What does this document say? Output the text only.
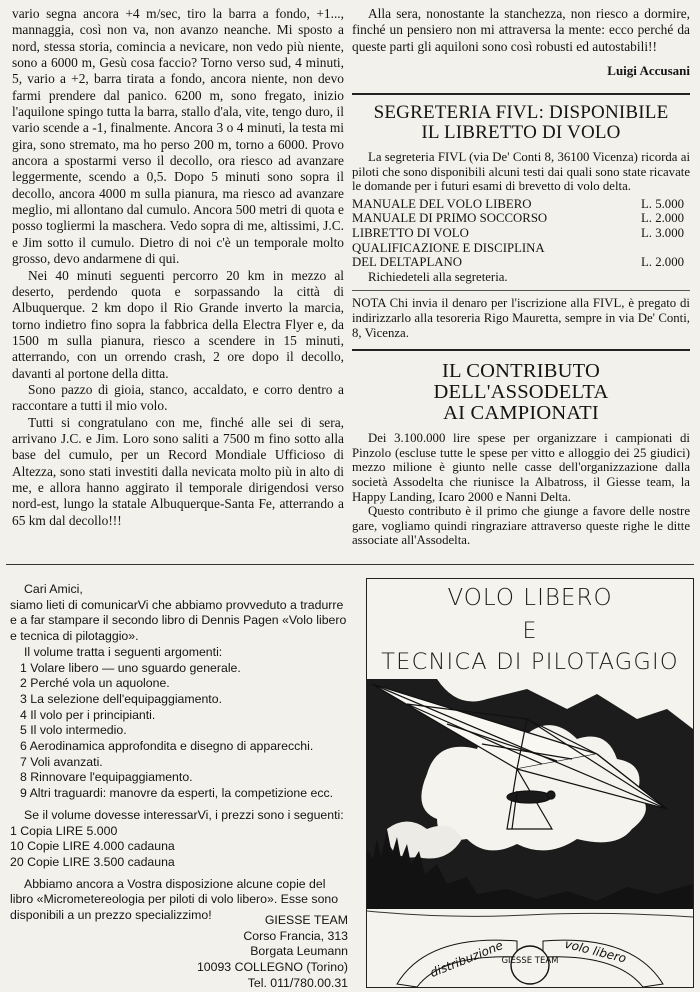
vario segna ancora +4 m/sec, tiro la barra a fondo, +1..., mannaggia, così non va, non avanzo neanche. Mi sposto a nord, stessa storia, comincia a nevicare, non vedo più niente, sono a 6000 m, Gesù cosa faccio? Torno verso sud, 4 minuti, 5, vario a +2, barra tirata a fondo, ancora niente, non devo farmi prendere dal panico. 6200 m, sono fregato, inizio l'aquilone spingo tutta la barra, stallo d'ala, vite, tengo duro, il vario scende a -1, finalmente. Ancora 3 o 4 minuti, la testa mi gira, sono stremato, ma ho perso 200 m, torno a 6000. Provo ancora a spostarmi verso il decollo, ora riesco ad avanzare leggermente, scendo a 0,5. Dopo 5 minuti sono sopra il decollo, ancora 4000 m sulla pianura, ma riesco ad avanzare meglio, mi allontano dal cumulo. Ancora 500 metri di quota e posso togliermi la maschera. Vedo sopra di me, altissimi, J.C. e Jim sotto il cumulo. Dietro di noi c'è un temporale molto grosso, devo andarmene di qui.

Nei 40 minuti seguenti percorro 20 km in mezzo al deserto, perdendo quota e sorpassando la città di Albuquerque. 2 km dopo il Rio Grande inverto la marcia, torno indietro fino sopra la fabbrica della Electra Flyer e, da 1500 m sulla pianura, riesco a scendere in 15 minuti, atterrando, con un orrendo crash, 2 ore dopo il decollo, davanti al portone della ditta.

Sono pazzo di gioia, stanco, accaldato, e corro dentro a raccontare a tutti il mio volo.

Tutti si congratulano con me, finché alle sei di sera, arrivano J.C. e Jim. Loro sono saliti a 7500 m fino sotto alla base del cumulo, per un Record Mondiale Ufficioso di Altezza, sono stati investiti dalla nevicata molto più in alto di me, e allora hanno aggirato il temporale dirigendosi verso nord-est, lungo la statale Albuquerque-Santa Fe, atterrando a 65 km dal decollo!!!

Alla sera, nonostante la stanchezza, non riesco a dormire, finché un pensiero non mi attraversa la mente: ecco perché da queste parti gli aquiloni sono così robusti ed autostabili!!

Luigi Accusani
SEGRETERIA FIVL: DISPONIBILE
IL LIBRETTO DI VOLO

La segreteria FIVL (via De' Conti 8, 36100 Vicenza) ricorda ai piloti che sono disponibili alcuni testi dai quali sono state ricavate le domande per i futuri esami di brevetto di volo delta.

MANUALE DEL VOLO LIBERO	L. 5.000
MANUALE DI PRIMO SOCCORSO	L. 2.000
LIBRETTO DI VOLO	L. 3.000
QUALIFICAZIONE E DISCIPLINA
DEL DELTAPLANO	L. 2.000

Richiedeteli alla segreteria.

NOTA Chi invia il denaro per l'iscrizione alla FIVL, è pregato di indirizzarlo alla tesoreria Rigo Mauretta, sempre in via De' Conti, 8, Vicenza.

IL CONTRIBUTO
DELL'ASSODELTA
AI CAMPIONATI

Dei 3.100.000 lire spese per organizzare i campionati di Pinzolo (escluse tutte le spese per vitto e alloggio dei 25 giudici) mezzo milione è giunto nelle casse dell'organizzazione dalla società Assodelta che riunisce la Albatross, il Giesse team, la Happy Landing, Icaro 2000 e Nanni Delta.

Questo contributo è il primo che giunge a favore delle nostre gare, vogliamo quindi ringraziare attraverso queste righe le ditte associate all'Assodelta.

Cari Amici,

siamo lieti di comunicarVi che abbiamo provveduto a tradurre e a far stampare il secondo libro di Dennis Pagen «Volo libero e tecnica di pilotaggio».

Il volume tratta i seguenti argomenti:

1 Volare libero — uno sguardo generale.
2 Perché vola un aquolone.
3 La selezione dell'equipaggiamento.
4 Il volo per i principianti.
5 Il volo intermedio.
6 Aerodinamica approfondita e disegno di apparecchi.
7 Voli avanzati.
8 Rinnovare l'equipaggiamento.
9 Altri traguardi: manovre da esperti, la competizione ecc.

Se il volume dovesse interessarVi, i prezzi sono i seguenti:

1 Copia LIRE 5.000
10 Copie LIRE 4.000 cadauna
20 Copie LIRE 3.500 cadauna

Abbiamo ancora a Vostra disposizione alcune copie del libro «Micrometereologia per piloti di volo libero». Esse sono disponibili a un prezzo specializzimo!	GIESSE TEAM
Corso Francia, 313
Borgata Leumann
10093 COLLEGNO (Torino)
Tel. 011/780.00.31
VOLO LIBERO
E
TECNICA DI PILOTAGGIO
distribuzione	volo libero
GIESSE TEAM
